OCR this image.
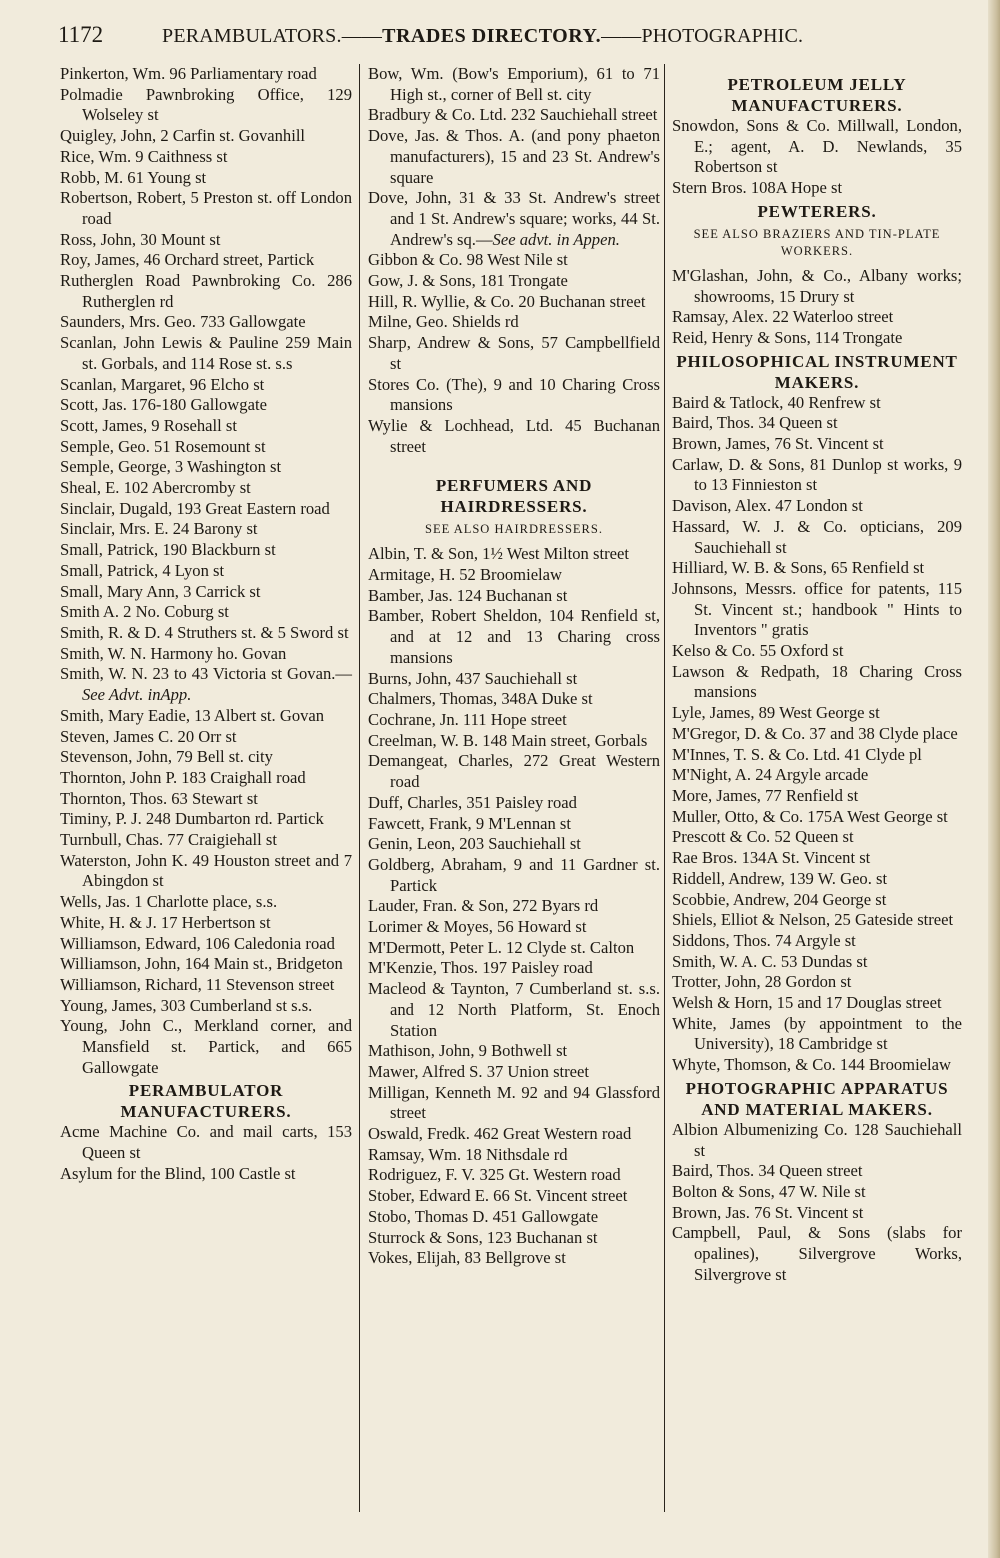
1172	PERAMBULATORS.——TRADES DIRECTORY.——PHOTOGRAPHIC.
Pinkerton, Wm. 96 Parliamentary road
Polmadie Pawnbroking Office, 129 Wolseley st
Quigley, John, 2 Carfin st. Govanhill
Rice, Wm. 9 Caithness st
Robb, M. 61 Young st
Robertson, Robert, 5 Preston st. off London road
Ross, John, 30 Mount st
Roy, James, 46 Orchard street, Partick
Rutherglen Road Pawnbroking Co. 286 Rutherglen rd
Saunders, Mrs. Geo. 733 Gallowgate
Scanlan, John Lewis & Pauline 259 Main st. Gorbals, and 114 Rose st. s.s
Scanlan, Margaret, 96 Elcho st
Scott, Jas. 176-180 Gallowgate
Scott, James, 9 Rosehall st
Semple, Geo. 51 Rosemount st
Semple, George, 3 Washington st
Sheal, E. 102 Abercromby st
Sinclair, Dugald, 193 Great Eastern road
Sinclair, Mrs. E. 24 Barony st
Small, Patrick, 190 Blackburn st
Small, Patrick, 4 Lyon st
Small, Mary Ann, 3 Carrick st
Smith A. 2 No. Coburg st
Smith, R. & D. 4 Struthers st. & 5 Sword st
Smith, W. N. Harmony ho. Govan
Smith, W. N. 23 to 43 Victoria st Govan.—See Advt. inApp.
Smith, Mary Eadie, 13 Albert st. Govan
Steven, James C. 20 Orr st
Stevenson, John, 79 Bell st. city
Thornton, John P. 183 Craighall road
Thornton, Thos. 63 Stewart st
Timiny, P. J. 248 Dumbarton rd. Partick
Turnbull, Chas. 77 Craigiehall st
Waterston, John K. 49 Houston street and 7 Abingdon st
Wells, Jas. 1 Charlotte place, s.s.
White, H. & J. 17 Herbertson st
Williamson, Edward, 106 Caledonia road
Williamson, John, 164 Main st., Bridgeton
Williamson, Richard, 11 Stevenson street
Young, James, 303 Cumberland st s.s.
Young, John C., Merkland corner, and Mansfield st. Partick, and 665 Gallowgate
PERAMBULATOR MANUFACTURERS.
Acme Machine Co. and mail carts, 153 Queen st
Asylum for the Blind, 100 Castle st
Bow, Wm. (Bow's Emporium), 61 to 71 High st., corner of Bell st. city
Bradbury & Co. Ltd. 232 Sauchiehall street
Dove, Jas. & Thos. A. (and pony phaeton manufacturers), 15 and 23 St. Andrew's square
Dove, John, 31 & 33 St. Andrew's street and 1 St. Andrew's square; works, 44 St. Andrew's sq.—See advt. in Appen.
Gibbon & Co. 98 West Nile st
Gow, J. & Sons, 181 Trongate
Hill, R. Wyllie, & Co. 20 Buchanan street
Milne, Geo. Shields rd
Sharp, Andrew & Sons, 57 Campbellfield st
Stores Co. (The), 9 and 10 Charing Cross mansions
Wylie & Lochhead, Ltd. 45 Buchanan street
PERFUMERS AND HAIRDRESSERS.
SEE ALSO HAIRDRESSERS.
Albin, T. & Son, 1½ West Milton street
Armitage, H. 52 Broomielaw
Bamber, Jas. 124 Buchanan st
Bamber, Robert Sheldon, 104 Renfield st, and at 12 and 13 Charing cross mansions
Burns, John, 437 Sauchiehall st
Chalmers, Thomas, 348A Duke st
Cochrane, Jn. 111 Hope street
Creelman, W. B. 148 Main street, Gorbals
Demangeat, Charles, 272 Great Western road
Duff, Charles, 351 Paisley road
Fawcett, Frank, 9 M'Lennan st
Genin, Leon, 203 Sauchiehall st
Goldberg, Abraham, 9 and 11 Gardner st. Partick
Lauder, Fran. & Son, 272 Byars rd
Lorimer & Moyes, 56 Howard st
M'Dermott, Peter L. 12 Clyde st. Calton
M'Kenzie, Thos. 197 Paisley road
Macleod & Taynton, 7 Cumberland st. s.s. and 12 North Platform, St. Enoch Station
Mathison, John, 9 Bothwell st
Mawer, Alfred S. 37 Union street
Milligan, Kenneth M. 92 and 94 Glassford street
Oswald, Fredk. 462 Great Western road
Ramsay, Wm. 18 Nithsdale rd
Rodriguez, F. V. 325 Gt. Western road
Stober, Edward E. 66 St. Vincent street
Stobo, Thomas D. 451 Gallowgate
Sturrock & Sons, 123 Buchanan st
Vokes, Elijah, 83 Bellgrove st
PETROLEUM JELLY MANUFACTURERS.
Snowdon, Sons & Co. Millwall, London, E.; agent, A. D. Newlands, 35 Robertson st
Stern Bros. 108A Hope st
PEWTERERS.
SEE ALSO BRAZIERS AND TIN-PLATE WORKERS.
M'Glashan, John, & Co., Albany works; showrooms, 15 Drury st
Ramsay, Alex. 22 Waterloo street
Reid, Henry & Sons, 114 Trongate
PHILOSOPHICAL INSTRUMENT MAKERS.
Baird & Tatlock, 40 Renfrew st
Baird, Thos. 34 Queen st
Brown, James, 76 St. Vincent st
Carlaw, D. & Sons, 81 Dunlop st works, 9 to 13 Finnieston st
Davison, Alex. 47 London st
Hassard, W. J. & Co. opticians, 209 Sauchiehall st
Hilliard, W. B. & Sons, 65 Renfield st
Johnsons, Messrs. office for patents, 115 St. Vincent st.; handbook " Hints to Inventors " gratis
Kelso & Co. 55 Oxford st
Lawson & Redpath, 18 Charing Cross mansions
Lyle, James, 89 West George st
M'Gregor, D. & Co. 37 and 38 Clyde place
M'Innes, T. S. & Co. Ltd. 41 Clyde pl
M'Night, A. 24 Argyle arcade
More, James, 77 Renfield st
Muller, Otto, & Co. 175A West George st
Prescott & Co. 52 Queen st
Rae Bros. 134A St. Vincent st
Riddell, Andrew, 139 W. Geo. st
Scobbie, Andrew, 204 George st
Shiels, Elliot & Nelson, 25 Gateside street
Siddons, Thos. 74 Argyle st
Smith, W. A. C. 53 Dundas st
Trotter, John, 28 Gordon st
Welsh & Horn, 15 and 17 Douglas street
White, James (by appointment to the University), 18 Cambridge st
Whyte, Thomson, & Co. 144 Broomielaw
PHOTOGRAPHIC APPARATUS AND MATERIAL MAKERS.
Albion Albumenizing Co. 128 Sauchiehall st
Baird, Thos. 34 Queen street
Bolton & Sons, 47 W. Nile st
Brown, Jas. 76 St. Vincent st
Campbell, Paul, & Sons (slabs for opalines), Silvergrove Works, Silvergrove st
